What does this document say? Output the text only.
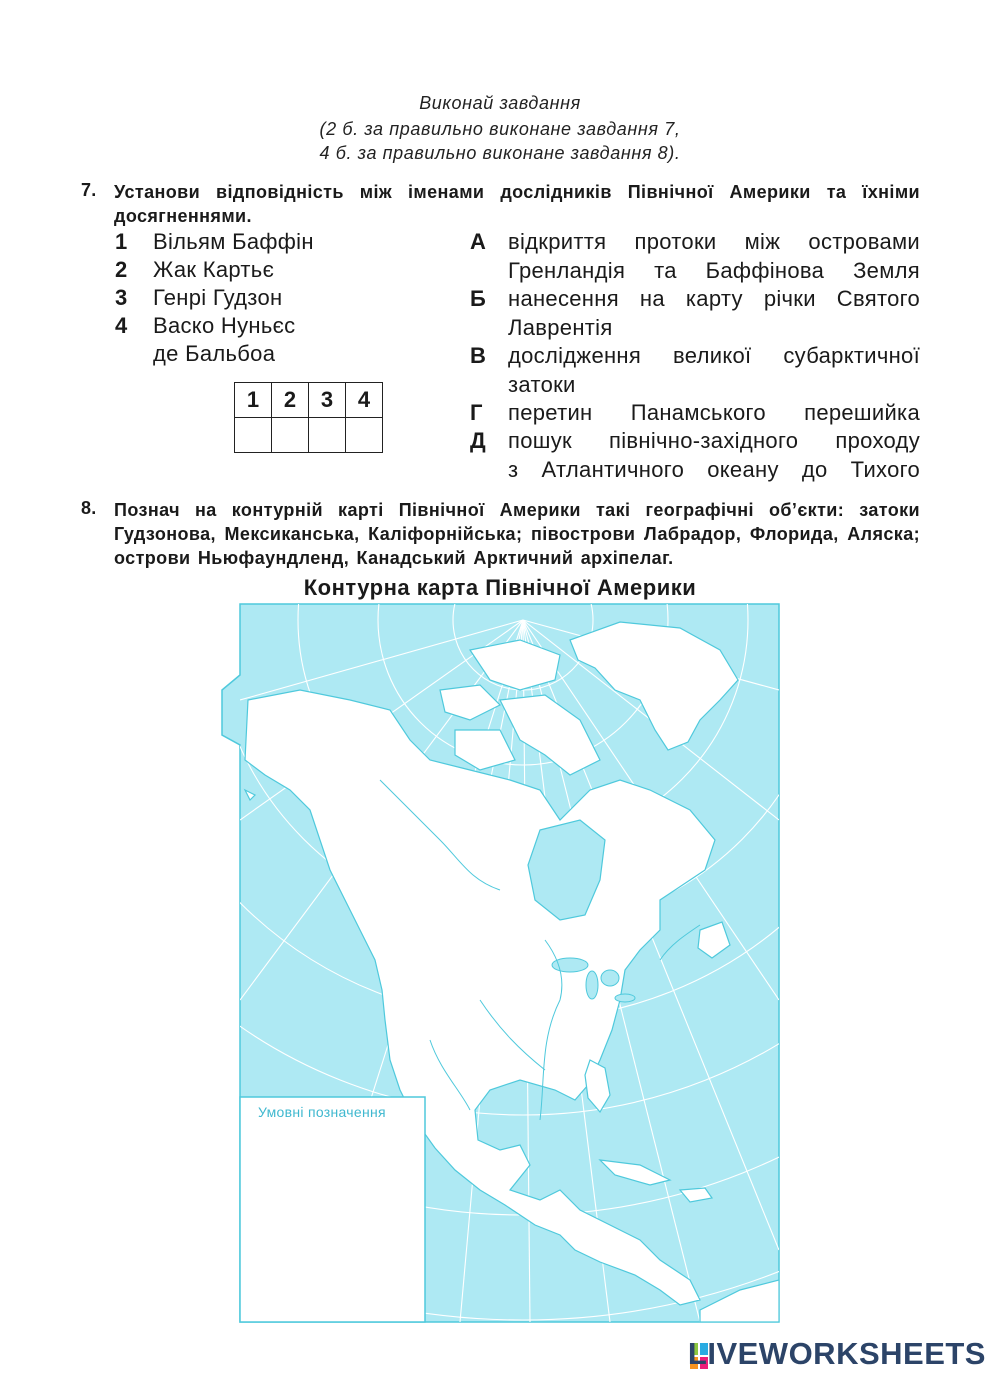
Виконай завдання
(2 б. за правильно виконане завдання 7,
4 б. за правильно виконане завдання 8).
7. Установи відповідність між іменами дослідників Північної Америки та їхніми досягненнями.
1 Вільям Баффін
2 Жак Картьє
3 Генрі Гудзон
4 Васко Нуньєс
де Бальбоа
1	2	3	4

А відкриття протоки між островами
Гренландія та Баффінова Земля
Б нанесення на карту річки Святого
Лаврентія
В дослідження великої субарктичної
затоки
Г перетин Панамського перешийка
Д пошук північно-західного проходу
з Атлантичного океану до Тихого
8. Познач на контурній карті Північної Америки такі географічні об’єкти: затоки Гудзонова, Мексиканська, Каліфорнійська; півострови Лабрадор, Флорида, Аляска; острови Ньюфаундленд, Канадський Арктичний архіпелаг.
Контурна карта Північної Америки
Умовні позначення
LIVEWORKSHEETS
